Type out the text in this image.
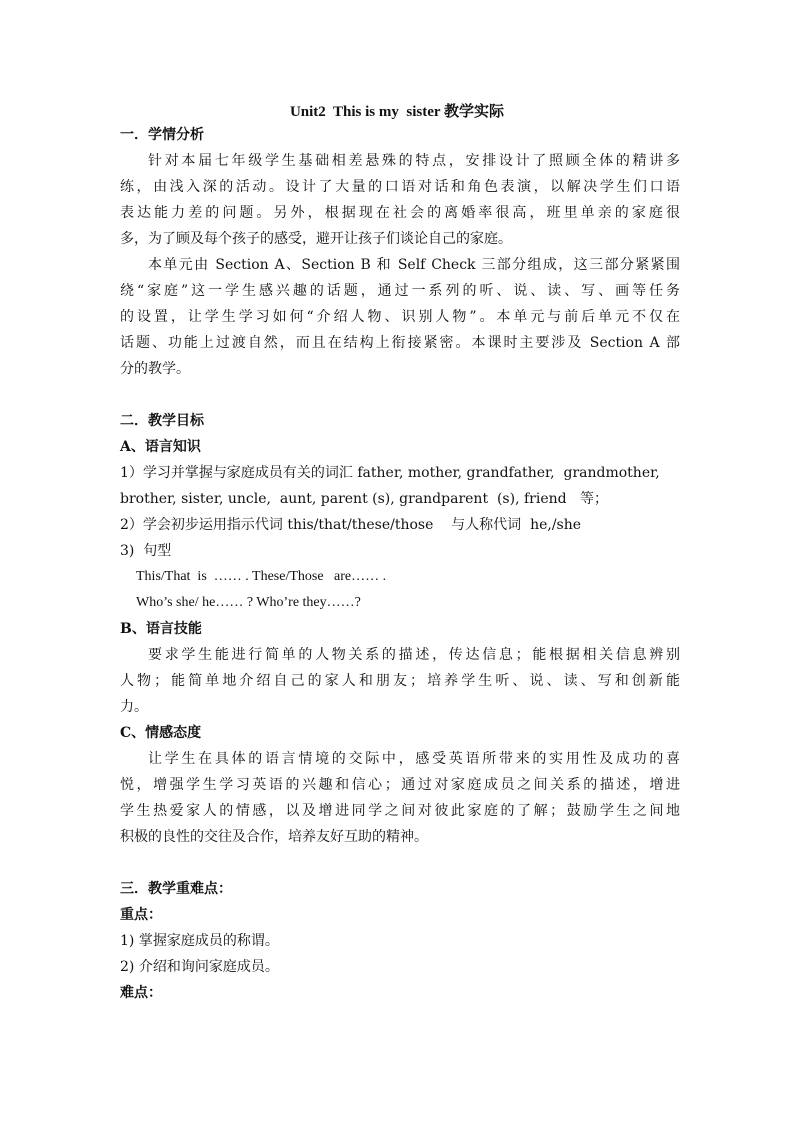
Unit2  This is my  sister 教学实际
一．学情分析
针对本届七年级学生基础相差悬殊的特点，安排设计了照顾全体的精讲多
练，由浅入深的活动。设计了大量的口语对话和角色表演，以解决学生们口语
表达能力差的问题。另外，根据现在社会的离婚率很高，班里单亲的家庭很
多，为了顾及每个孩子的感受，避开让孩子们谈论自己的家庭。
本单元由 Section A、Section B 和 Self Check 三部分组成，这三部分紧紧围
绕“家庭”这一学生感兴趣的话题，通过一系列的听、说、读、写、画等任务
的设置，让学生学习如何“介绍人物、识别人物”。本单元与前后单元不仅在
话题、功能上过渡自然，而且在结构上衔接紧密。本课时主要涉及 Section A 部
分的教学。
二．教学目标
A、语言知识
1）学习并掌握与家庭成员有关的词汇 father, mother, grandfather,  grandmother,
brother, sister, uncle,  aunt, parent (s), grandparent  (s), friend   等；
2）学会初步运用指示代词 this/that/these/those    与人称代词  he,/she
3)  句型
This/That  is  …… . These/Those   are…… .
Who’s she/ he…… ? Who’re they……?
B、语言技能
要求学生能进行简单的人物关系的描述，传达信息；能根据相关信息辨别
人物；能简单地介绍自己的家人和朋友；培养学生听、说、读、写和创新能
力。
C、情感态度
让学生在具体的语言情境的交际中，感受英语所带来的实用性及成功的喜
悦，增强学生学习英语的兴趣和信心；通过对家庭成员之间关系的描述，增进
学生热爱家人的情感，以及增进同学之间对彼此家庭的了解；鼓励学生之间地
积极的良性的交往及合作，培养友好互助的精神。
三．教学重难点：
重点：
1) 掌握家庭成员的称谓。
2) 介绍和询问家庭成员。
难点：
